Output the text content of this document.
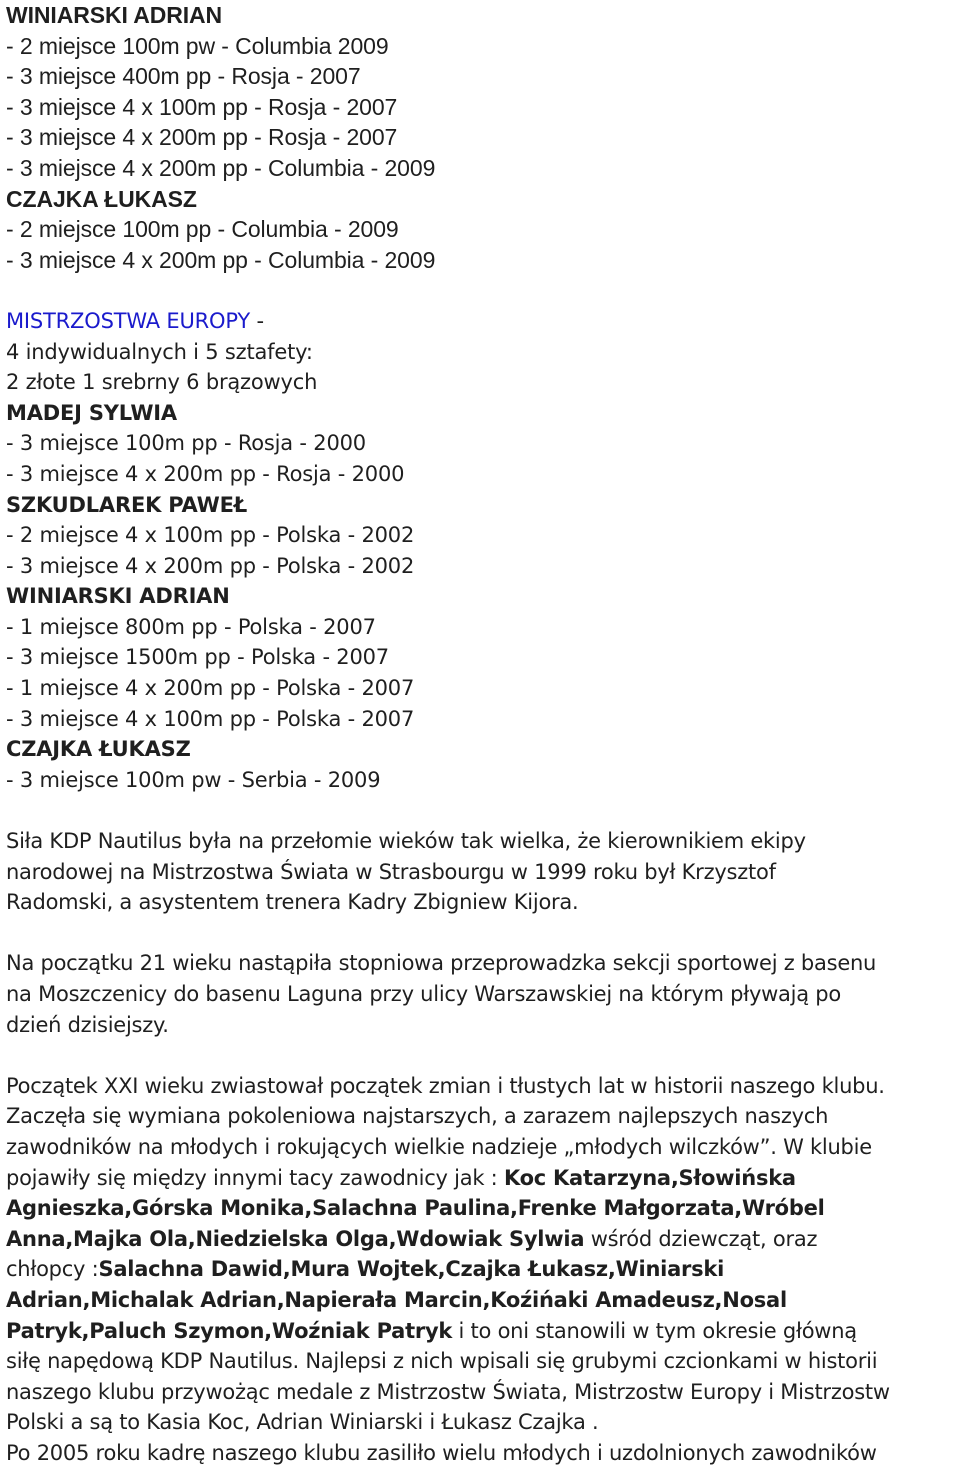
WINIARSKI ADRIAN
- 2 miejsce 100m pw - Columbia 2009
- 3 miejsce 400m pp - Rosja - 2007
- 3 miejsce 4 x 100m pp - Rosja - 2007
- 3 miejsce 4 x 200m pp - Rosja - 2007
- 3 miejsce 4 x 200m pp - Columbia - 2009
CZAJKA ŁUKASZ
- 2 miejsce 100m pp - Columbia - 2009
- 3 miejsce 4 x 200m pp - Columbia - 2009
MISTRZOSTWA EUROPY -
4 indywidualnych i 5 sztafety:
2 złote 1 srebrny 6 brązowych
MADEJ SYLWIA
- 3 miejsce 100m pp - Rosja - 2000
- 3 miejsce 4 x 200m pp - Rosja - 2000
SZKUDLAREK PAWEŁ
- 2 miejsce 4 x 100m pp - Polska - 2002
- 3 miejsce 4 x 200m pp - Polska - 2002
WINIARSKI ADRIAN
- 1 miejsce 800m pp - Polska - 2007
- 3 miejsce 1500m pp - Polska - 2007
- 1 miejsce 4 x 200m pp - Polska - 2007
- 3 miejsce 4 x 100m pp - Polska - 2007
CZAJKA ŁUKASZ
- 3 miejsce 100m pw - Serbia - 2009

Siła KDP Nautilus była na przełomie wieków tak wielka, że kierownikiem ekipy

narodowej na Mistrzostwa Świata w Strasbourgu w 1999 roku był Krzysztof

Radomski, a asystentem trenera Kadry Zbigniew Kijora.

Na początku 21 wieku nastąpiła stopniowa przeprowadzka sekcji sportowej z basenu

na Moszczenicy do basenu Laguna przy ulicy Warszawskiej na którym pływają po

dzień dzisiejszy.

Początek XXI wieku zwiastował początek zmian i tłustych lat w historii naszego klubu.

Zaczęła się wymiana pokoleniowa najstarszych, a zarazem najlepszych naszych

zawodników na młodych i rokujących wielkie nadzieje „młodych wilczków”. W klubie

pojawiły się między innymi tacy zawodnicy jak : Koc Katarzyna,Słowińska

Agnieszka,Górska Monika,Salachna Paulina,Frenke Małgorzata,Wróbel

Anna,Majka Ola,Niedzielska Olga,Wdowiak Sylwia wśród dziewcząt, oraz

chłopcy :Salachna Dawid,Mura Wojtek,Czajka Łukasz,Winiarski

Adrian,Michalak Adrian,Napierała Marcin,Koźińaki Amadeusz,Nosal

Patryk,Paluch Szymon,Woźniak Patryk i to oni stanowili w tym okresie główną

siłę napędową KDP Nautilus. Najlepsi z nich wpisali się grubymi czcionkami w historii

naszego klubu przywożąc medale z Mistrzostw Świata, Mistrzostw Europy i Mistrzostw

Polski a są to Kasia Koc, Adrian Winiarski i Łukasz Czajka .

Po 2005 roku kadrę naszego klubu zasiliło wielu młodych i uzdolnionych zawodników
